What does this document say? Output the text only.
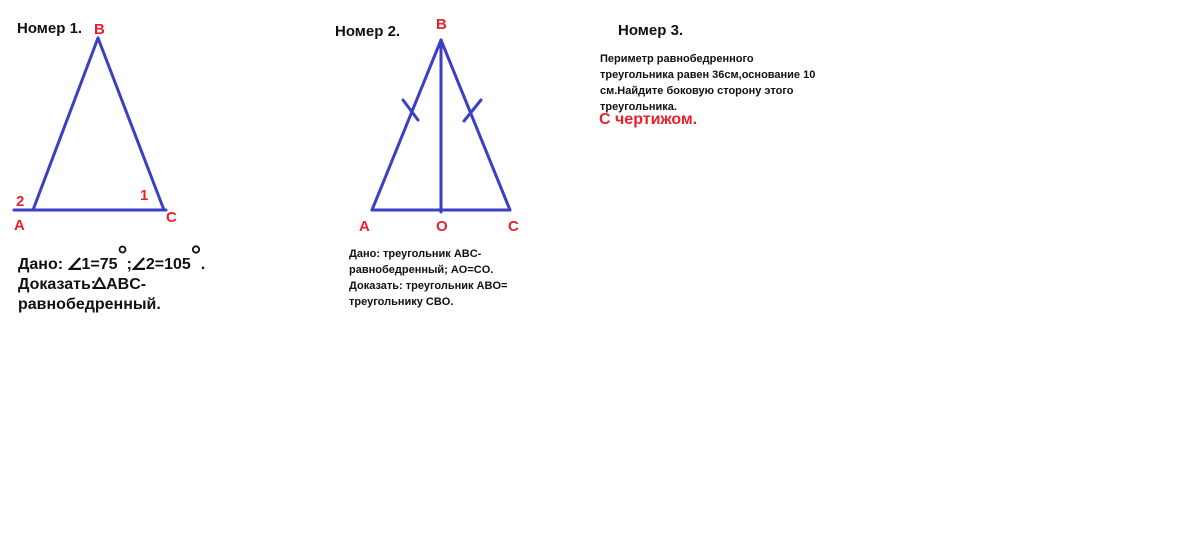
Номер 1. B
A	C
1
2
Дано: 1=75 ; 2=105 .
Доказать: ABC-
равнобедренный.
Номер 2. B
A	O	C
Дано: треугольник ABC-
равнобедренный; AO=CO.
Доказать: треугольник ABO=
треугольнику CBO.
Номер 3.
Периметр равнобедренного
треугольника равен 36см,основание 10
см.Найдите боковую сторону этого
треугольника.
С чертижом.
